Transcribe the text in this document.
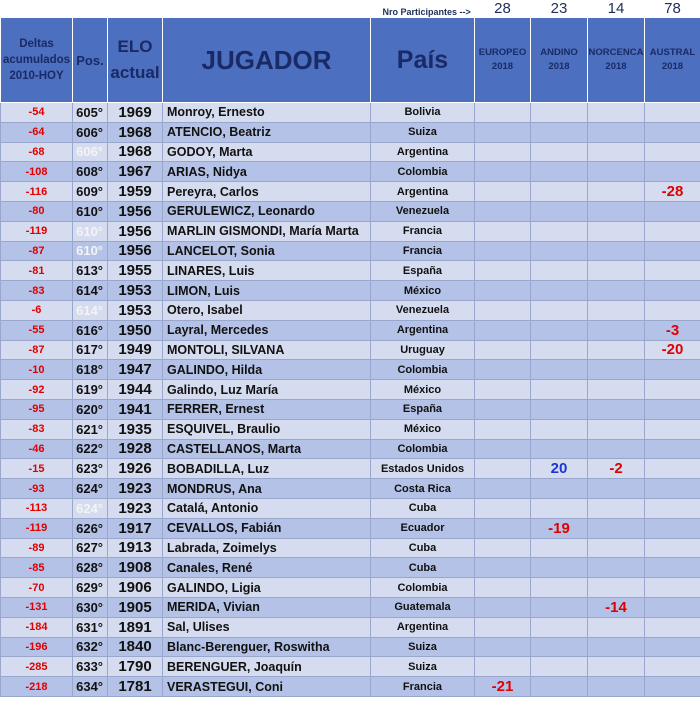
				Nro Participantes -->	28	23	14	78
Deltas acumulados 2010-HOY	Pos.	ELO actual	JUGADOR	País	EUROPEO 2018	ANDINO 2018	NORCENCA 2018	AUSTRAL 2018
-54	605°	1969	Monroy, Ernesto	Bolivia				
-64	606°	1968	ATENCIO, Beatriz	Suiza				
-68	606°	1968	GODOY, Marta	Argentina				
-108	608°	1967	ARIAS, Nidya	Colombia				
-116	609°	1959	Pereyra, Carlos	Argentina				-28
-80	610°	1956	GERULEWICZ, Leonardo	Venezuela				
-119	610°	1956	MARLIN GISMONDI, María Marta	Francia				
-87	610°	1956	LANCELOT, Sonia	Francia				
-81	613°	1955	LINARES, Luis	España				
-83	614°	1953	LIMON, Luis	México				
-6	614°	1953	Otero, Isabel	Venezuela				
-55	616°	1950	Layral, Mercedes	Argentina				-3
-87	617°	1949	MONTOLI, SILVANA	Uruguay				-20
-10	618°	1947	GALINDO, Hilda	Colombia				
-92	619°	1944	Galindo, Luz María	México				
-95	620°	1941	FERRER, Ernest	España				
-83	621°	1935	ESQUIVEL, Braulio	México				
-46	622°	1928	CASTELLANOS, Marta	Colombia				
-15	623°	1926	BOBADILLA, Luz	Estados Unidos		20	-2	
-93	624°	1923	MONDRUS, Ana	Costa Rica				
-113	624°	1923	Catalá, Antonio	Cuba				
-119	626°	1917	CEVALLOS, Fabián	Ecuador		-19		
-89	627°	1913	Labrada, Zoimelys	Cuba				
-85	628°	1908	Canales, René	Cuba				
-70	629°	1906	GALINDO, Ligia	Colombia				
-131	630°	1905	MERIDA, Vivian	Guatemala			-14	
-184	631°	1891	Sal, Ulises	Argentina				
-196	632°	1840	Blanc-Berenguer, Roswitha	Suiza				
-285	633°	1790	BERENGUER, Joaquín	Suiza				
-218	634°	1781	VERASTEGUI, Coni	Francia	-21			
